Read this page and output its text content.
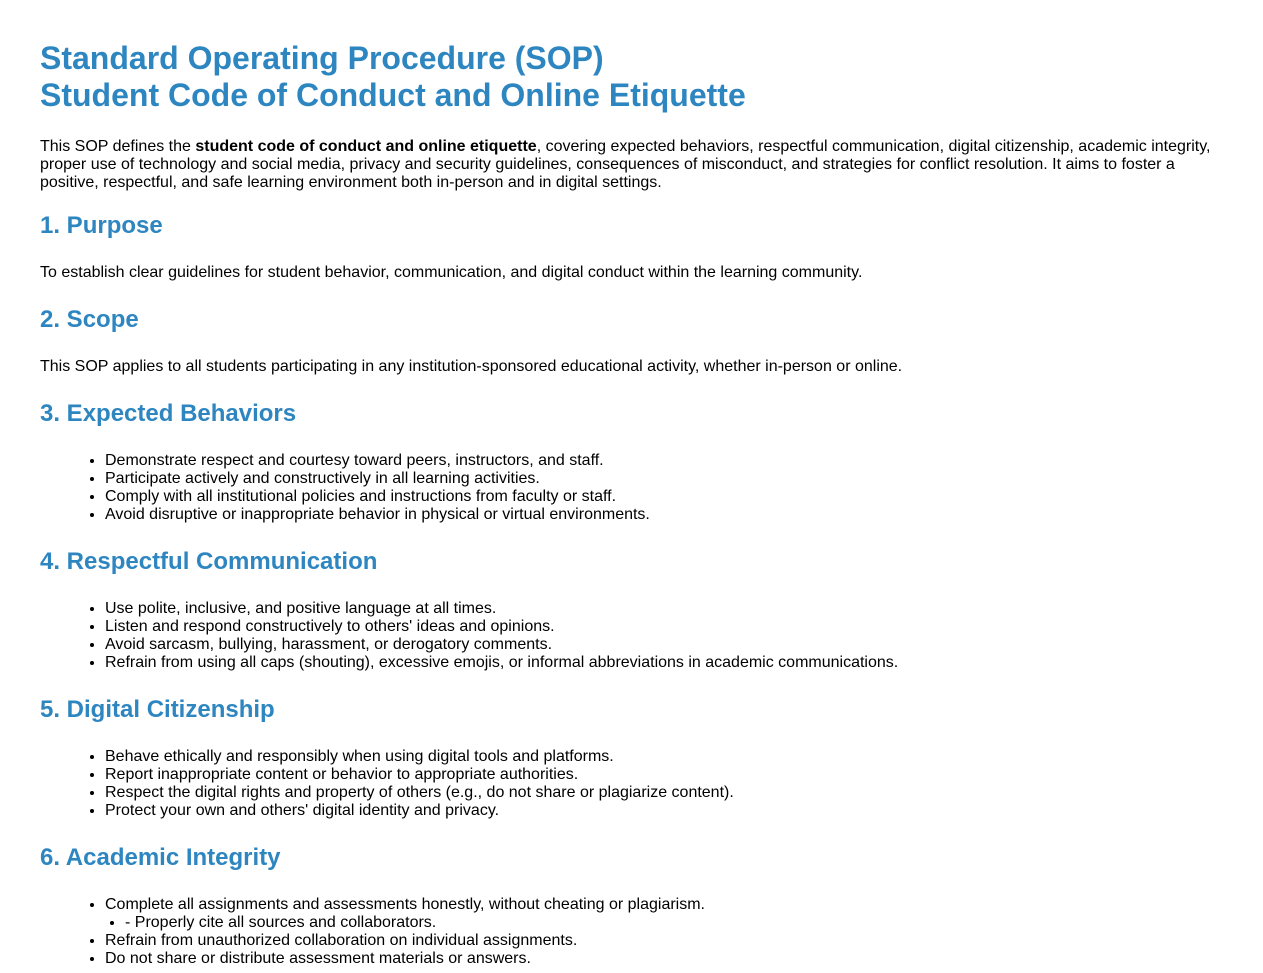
Standard Operating Procedure (SOP)
Student Code of Conduct and Online Etiquette

This SOP defines the student code of conduct and online etiquette, covering expected behaviors, respectful communication, digital citizenship, academic integrity, proper use of technology and social media, privacy and security guidelines, consequences of misconduct, and strategies for conflict resolution. It aims to foster a positive, respectful, and safe learning environment both in-person and in digital settings.

1. Purpose

To establish clear guidelines for student behavior, communication, and digital conduct within the learning community.

2. Scope

This SOP applies to all students participating in any institution-sponsored educational activity, whether in-person or online.

3. Expected Behaviors
• Demonstrate respect and courtesy toward peers, instructors, and staff.
• Participate actively and constructively in all learning activities.
• Comply with all institutional policies and instructions from faculty or staff.
• Avoid disruptive or inappropriate behavior in physical or virtual environments.
4. Respectful Communication
• Use polite, inclusive, and positive language at all times.
• Listen and respond constructively to others' ideas and opinions.
• Avoid sarcasm, bullying, harassment, or derogatory comments.
• Refrain from using all caps (shouting), excessive emojis, or informal abbreviations in academic communications.
5. Digital Citizenship
• Behave ethically and responsibly when using digital tools and platforms.
• Report inappropriate content or behavior to appropriate authorities.
• Respect the digital rights and property of others (e.g., do not share or plagiarize content).
• Protect your own and others' digital identity and privacy.
6. Academic Integrity
• Complete all assignments and assessments honestly, without cheating or plagiarism.
• - Properly cite all sources and collaborators.
• Refrain from unauthorized collaboration on individual assignments.
• Do not share or distribute assessment materials or answers.
